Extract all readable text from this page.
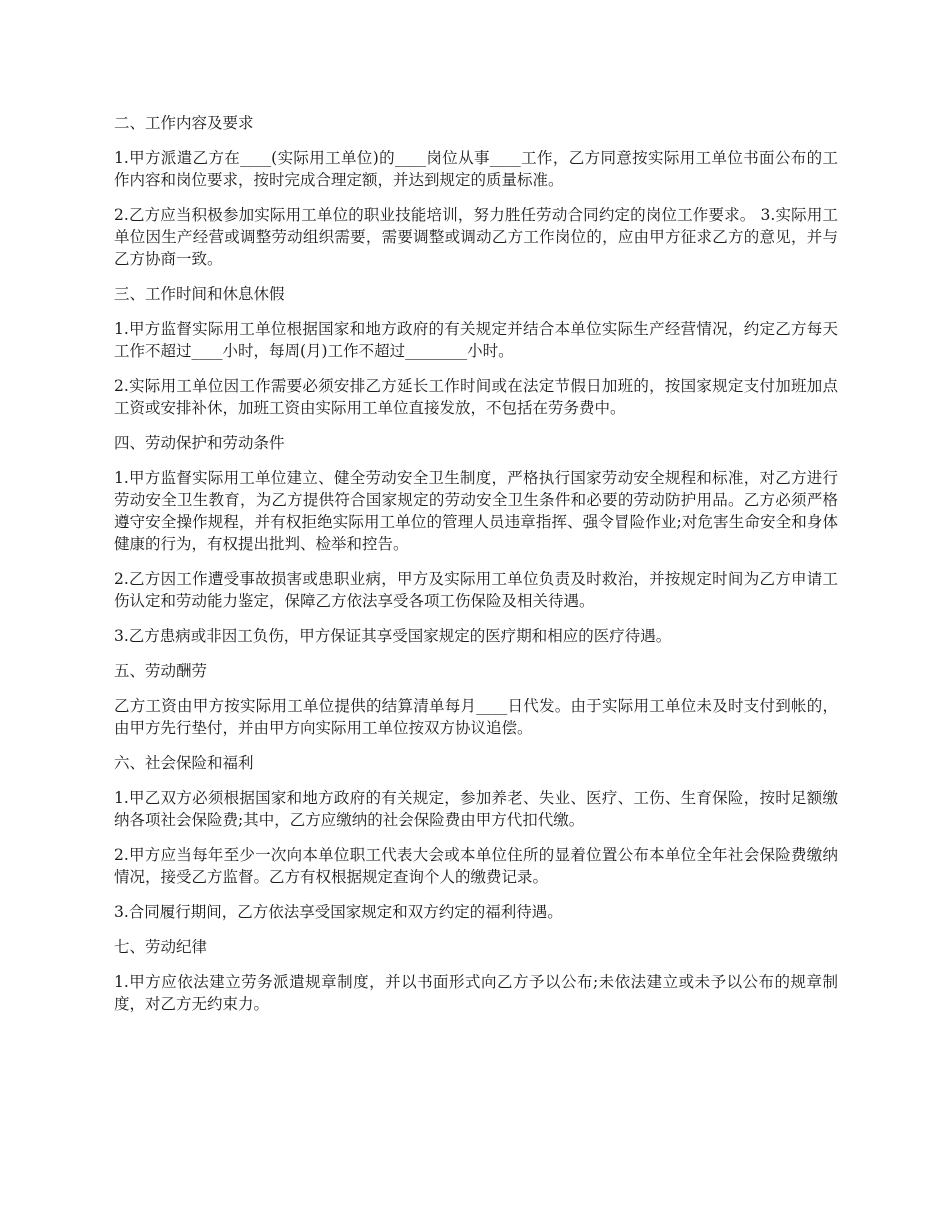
二、工作内容及要求
1.甲方派遣乙方在____(实际用工单位)的____岗位从事____工作，乙方同意按实际用工单位书面公布的工作内容和岗位要求，按时完成合理定额，并达到规定的质量标准。
2.乙方应当积极参加实际用工单位的职业技能培训，努力胜任劳动合同约定的岗位工作要求。 3.实际用工单位因生产经营或调整劳动组织需要，需要调整或调动乙方工作岗位的，应由甲方征求乙方的意见，并与乙方协商一致。
三、工作时间和休息休假
1.甲方监督实际用工单位根据国家和地方政府的有关规定并结合本单位实际生产经营情况，约定乙方每天工作不超过____小时，每周(月)工作不超过________小时。
2.实际用工单位因工作需要必须安排乙方延长工作时间或在法定节假日加班的，按国家规定支付加班加点工资或安排补休，加班工资由实际用工单位直接发放，不包括在劳务费中。
四、劳动保护和劳动条件
1.甲方监督实际用工单位建立、健全劳动安全卫生制度，严格执行国家劳动安全规程和标准，对乙方进行劳动安全卫生教育，为乙方提供符合国家规定的劳动安全卫生条件和必要的劳动防护用品。乙方必须严格遵守安全操作规程，并有权拒绝实际用工单位的管理人员违章指挥、强令冒险作业;对危害生命安全和身体健康的行为，有权提出批判、检举和控告。
2.乙方因工作遭受事故损害或患职业病，甲方及实际用工单位负责及时救治，并按规定时间为乙方申请工伤认定和劳动能力鉴定，保障乙方依法享受各项工伤保险及相关待遇。
3.乙方患病或非因工负伤，甲方保证其享受国家规定的医疗期和相应的医疗待遇。
五、劳动酬劳
乙方工资由甲方按实际用工单位提供的结算清单每月____日代发。由于实际用工单位未及时支付到帐的，由甲方先行垫付，并由甲方向实际用工单位按双方协议追偿。
六、社会保险和福利
1.甲乙双方必须根据国家和地方政府的有关规定，参加养老、失业、医疗、工伤、生育保险，按时足额缴纳各项社会保险费;其中，乙方应缴纳的社会保险费由甲方代扣代缴。
2.甲方应当每年至少一次向本单位职工代表大会或本单位住所的显着位置公布本单位全年社会保险费缴纳情况，接受乙方监督。乙方有权根据规定查询个人的缴费记录。
3.合同履行期间，乙方依法享受国家规定和双方约定的福利待遇。
七、劳动纪律
1.甲方应依法建立劳务派遣规章制度，并以书面形式向乙方予以公布;未依法建立或未予以公布的规章制度，对乙方无约束力。
